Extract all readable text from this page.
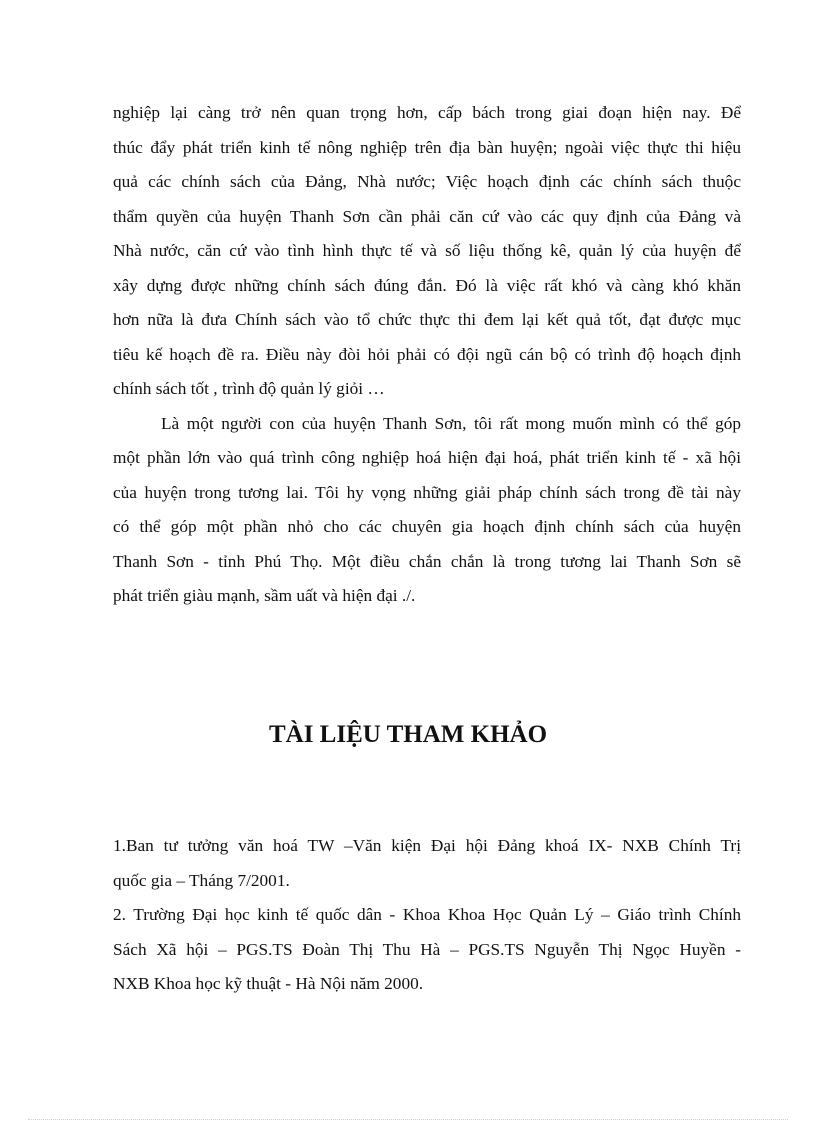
nghiệp lại càng trở nên quan trọng hơn, cấp bách trong giai đoạn hiện nay. Để
thúc đẩy phát triển kinh tế nông nghiệp trên địa bàn huyện; ngoài việc thực thi hiệu
quả các chính sách của Đảng, Nhà nước; Việc hoạch định các chính sách thuộc
thẩm quyền của huyện Thanh Sơn cần phải căn cứ vào các quy định của Đảng và
Nhà nước, căn cứ vào tình hình thực tế và số liệu thống kê, quản lý của huyện để
xây dựng được những chính sách đúng đắn. Đó là việc rất khó và càng khó khăn
hơn nữa là đưa Chính sách vào tổ chức thực thi đem lại kết quả tốt, đạt được mục
tiêu kế hoạch đề ra. Điều này đòi hỏi phải có đội ngũ cán bộ có trình độ hoạch định
chính sách tốt , trình độ quản lý giỏi …

Là một người con của huyện Thanh Sơn, tôi rất mong muốn mình có thể góp
một phần lớn vào quá trình công nghiệp hoá hiện đại hoá, phát triển kinh tế - xã hội
của huyện trong tương lai. Tôi hy vọng những giải pháp chính sách trong đề tài này
có thể góp một phần nhỏ cho các chuyên gia hoạch định chính sách của huyện
Thanh Sơn - tỉnh Phú Thọ. Một điều chắn chắn là trong tương lai Thanh Sơn sẽ
phát triển giàu mạnh, sầm uất và hiện đại ./.

TÀI LIỆU THAM KHẢO

1.Ban tư tưởng văn hoá TW –Văn kiện Đại hội Đảng khoá IX- NXB Chính Trị
quốc gia – Tháng 7/2001.

2. Trường Đại học kinh tế quốc dân - Khoa Khoa Học Quản Lý – Giáo trình Chính
Sách Xã hội – PGS.TS Đoàn Thị Thu Hà – PGS.TS Nguyễn Thị Ngọc Huyền -
NXB Khoa học kỹ thuật - Hà Nội năm 2000.
